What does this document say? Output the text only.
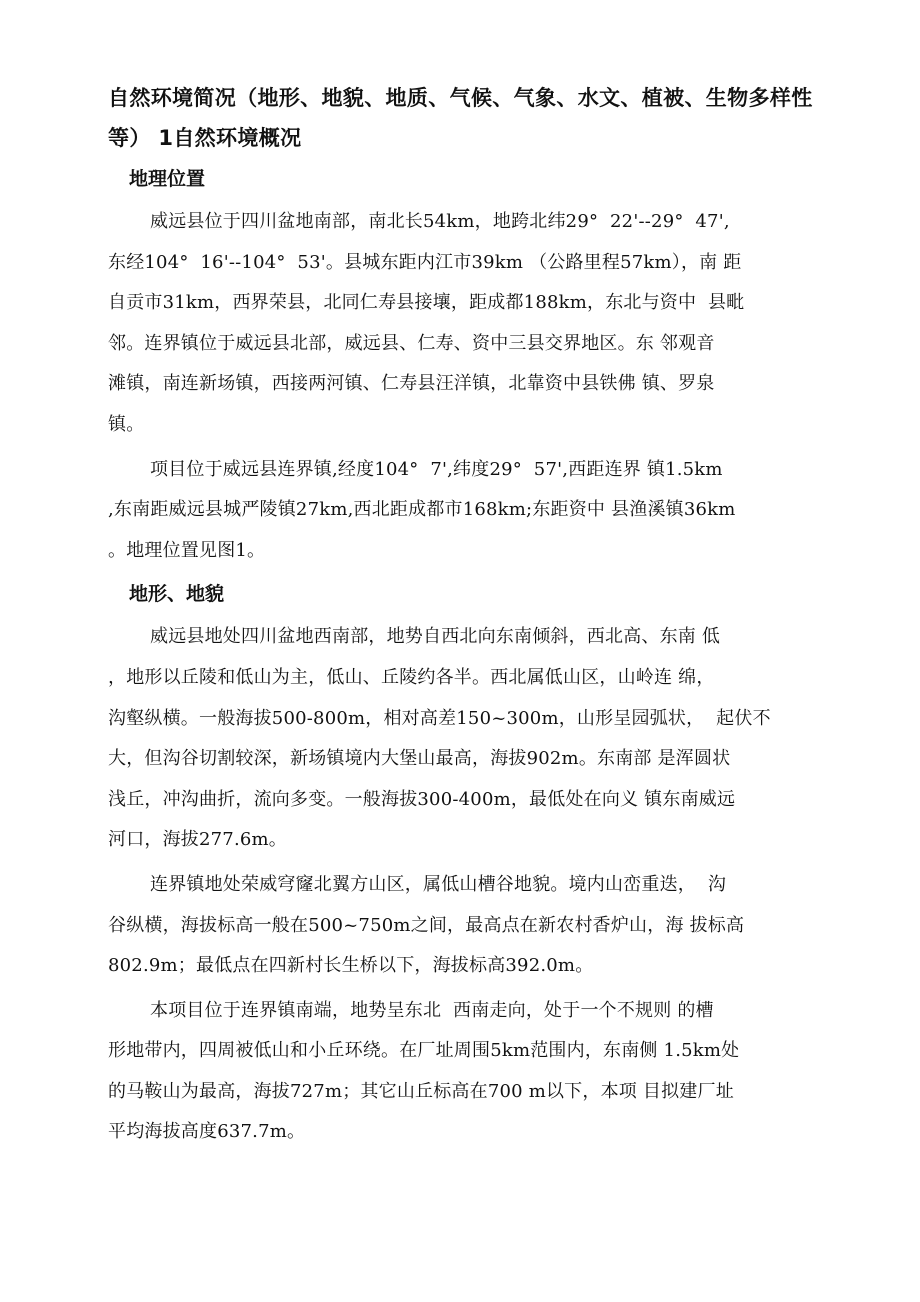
自然环境简况（地形、地貌、地质、气候、气象、水文、植被、生物多样性

等） 1自然环境概况

地理位置

威远县位于四川盆地南部，南北长54km，地跨北纬29°  22'--29°  47',
东经104°  16'--104°  53'。县城东距内江市39km （公路里程57km），南 距
自贡市31km，西界荣县，北同仁寿县接壤，距成都188km，东北与资中  县毗
邻。连界镇位于威远县北部，威远县、仁寿、资中三县交界地区。东 邻观音
滩镇，南连新场镇，西接两河镇、仁寿县汪洋镇，北靠资中县铁佛 镇、罗泉
镇。
项目位于威远县连界镇,经度104°  7',纬度29°  57',西距连界 镇1.5km
,东南距威远县城严陵镇27km,西北距成都市168km;东距资中 县渔溪镇36km
。地理位置见图1。

地形、地貌

威远县地处四川盆地西南部，地势自西北向东南倾斜，西北高、东南 低
，地形以丘陵和低山为主，低山、丘陵约各半。西北属低山区，山岭连 绵，
沟壑纵横。一般海拔500-800m，相对高差150~300m，山形呈园弧状，  起伏不
大，但沟谷切割较深，新场镇境内大堡山最高，海拔902m。东南部 是浑圆状
浅丘，冲沟曲折，流向多变。一般海拔300-400m，最低处在向义 镇东南威远
河口，海拔277.6m。
连界镇地处荣威穹窿北翼方山区，属低山槽谷地貌。境内山峦重迭，  沟
谷纵横，海拔标高一般在500~750m之间，最高点在新农村香炉山，海 拔标高
802.9m；最低点在四新村长生桥以下，海拔标高392.0m。
本项目位于连界镇南端，地势呈东北  西南走向，处于一个不规则 的槽
形地带内，四周被低山和小丘环绕。在厂址周围5km范围内，东南侧 1.5km处
的马鞍山为最高，海拔727m；其它山丘标高在700 m以下，本项 目拟建厂址
平均海拔高度637.7m。
